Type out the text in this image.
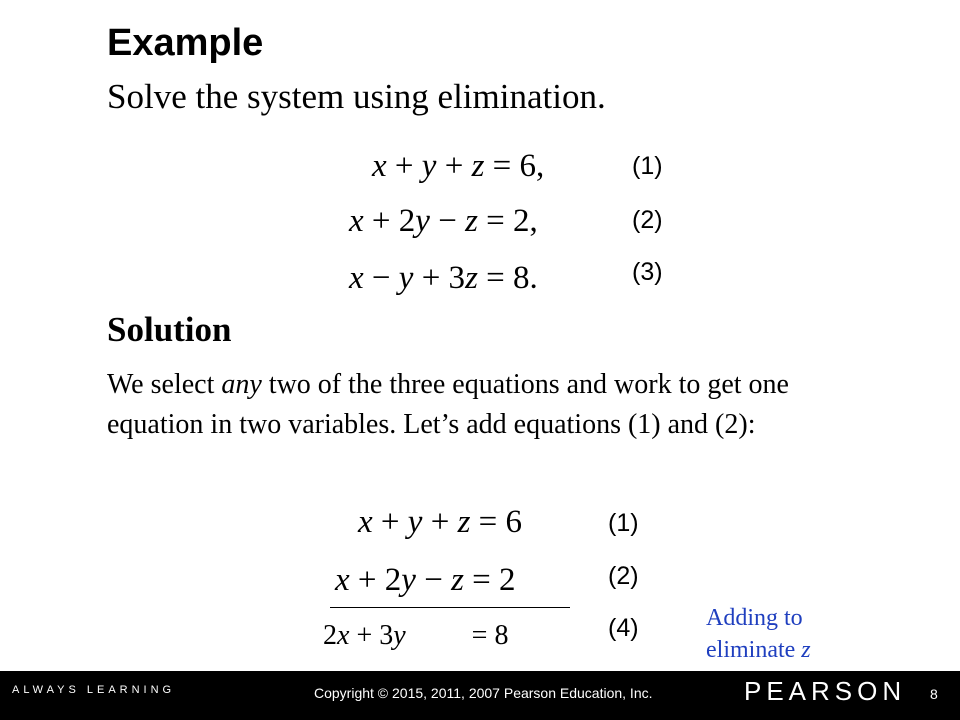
Example
Solve the system using elimination.
x + y + z = 6,	(1)
x + 2y − z = 2,	(2)
x − y + 3z = 8.	(3)
Solution
We select any two of the three equations and work to get one equation in two variables. Let’s add equations (1) and (2):
x + y + z = 6	(1)
x + 2y − z = 2	(2)
2x + 3y = 8	(4)	Adding to
eliminate z
ALWAYS LEARNING	Copyright © 2015, 2011, 2007 Pearson Education, Inc.	PEARSON 8
